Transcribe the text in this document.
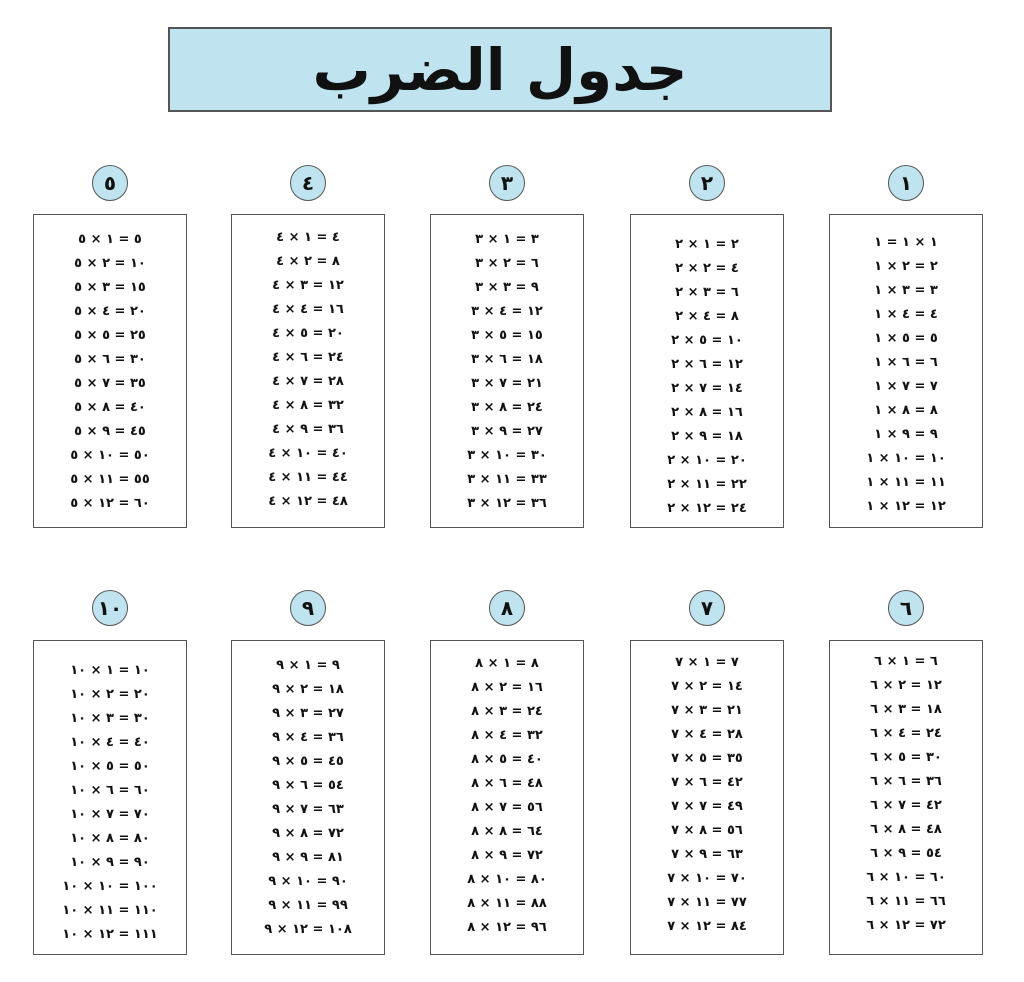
جدول الضرب
١
١ × ١ = ١
٢ = ٢ × ١
٣ = ٣ × ١
٤ = ٤ × ١
٥ = ٥ × ١
٦ = ٦ × ١
٧ = ٧ × ١
٨ = ٨ × ١
٩ = ٩ × ١
١٠ = ١٠ × ١
١١ = ١١ × ١
١٢ = ١٢ × ١
٢
٢ = ١ × ٢
٤ = ٢ × ٢
٦ = ٣ × ٢
٨ = ٤ × ٢
١٠ = ٥ × ٢
١٢ = ٦ × ٢
١٤ = ٧ × ٢
١٦ = ٨ × ٢
١٨ = ٩ × ٢
٢٠ = ١٠ × ٢
٢٢ = ١١ × ٢
٢٤ = ١٢ × ٢
٣
٣ = ١ × ٣
٦ = ٢ × ٣
٩ = ٣ × ٣
١٢ = ٤ × ٣
١٥ = ٥ × ٣
١٨ = ٦ × ٣
٢١ = ٧ × ٣
٢٤ = ٨ × ٣
٢٧ = ٩ × ٣
٣٠ = ١٠ × ٣
٣٣ = ١١ × ٣
٣٦ = ١٢ × ٣
٤
٤ = ١ × ٤
٨ = ٢ × ٤
١٢ = ٣ × ٤
١٦ = ٤ × ٤
٢٠ = ٥ × ٤
٢٤ = ٦ × ٤
٢٨ = ٧ × ٤
٣٢ = ٨ × ٤
٣٦ = ٩ × ٤
٤٠ = ١٠ × ٤
٤٤ = ١١ × ٤
٤٨ = ١٢ × ٤
٥
٥ = ١ × ٥
١٠ = ٢ × ٥
١٥ = ٣ × ٥
٢٠ = ٤ × ٥
٢٥ = ٥ × ٥
٣٠ = ٦ × ٥
٣٥ = ٧ × ٥
٤٠ = ٨ × ٥
٤٥ = ٩ × ٥
٥٠ = ١٠ × ٥
٥٥ = ١١ × ٥
٦٠ = ١٢ × ٥
٦
٦ = ١ × ٦
١٢ = ٢ × ٦
١٨ = ٣ × ٦
٢٤ = ٤ × ٦
٣٠ = ٥ × ٦
٣٦ = ٦ × ٦
٤٢ = ٧ × ٦
٤٨ = ٨ × ٦
٥٤ = ٩ × ٦
٦٠ = ١٠ × ٦
٦٦ = ١١ × ٦
٧٢ = ١٢ × ٦
٧
٧ = ١ × ٧
١٤ = ٢ × ٧
٢١ = ٣ × ٧
٢٨ = ٤ × ٧
٣٥ = ٥ × ٧
٤٢ = ٦ × ٧
٤٩ = ٧ × ٧
٥٦ = ٨ × ٧
٦٣ = ٩ × ٧
٧٠ = ١٠ × ٧
٧٧ = ١١ × ٧
٨٤ = ١٢ × ٧
٨
٨ = ١ × ٨
١٦ = ٢ × ٨
٢٤ = ٣ × ٨
٣٢ = ٤ × ٨
٤٠ = ٥ × ٨
٤٨ = ٦ × ٨
٥٦ = ٧ × ٨
٦٤ = ٨ × ٨
٧٢ = ٩ × ٨
٨٠ = ١٠ × ٨
٨٨ = ١١ × ٨
٩٦ = ١٢ × ٨
٩
٩ = ١ × ٩
١٨ = ٢ × ٩
٢٧ = ٣ × ٩
٣٦ = ٤ × ٩
٤٥ = ٥ × ٩
٥٤ = ٦ × ٩
٦٣ = ٧ × ٩
٧٢ = ٨ × ٩
٨١ = ٩ × ٩
٩٠ = ١٠ × ٩
٩٩ = ١١ × ٩
١٠٨ = ١٢ × ٩
١٠
١٠ = ١ × ١٠
٢٠ = ٢ × ١٠
٣٠ = ٣ × ١٠
٤٠ = ٤ × ١٠
٥٠ = ٥ × ١٠
٦٠ = ٦ × ١٠
٧٠ = ٧ × ١٠
٨٠ = ٨ × ١٠
٩٠ = ٩ × ١٠
١٠٠ = ١٠ × ١٠
١١٠ = ١١ × ١٠
١١١ = ١٢ × ١٠
